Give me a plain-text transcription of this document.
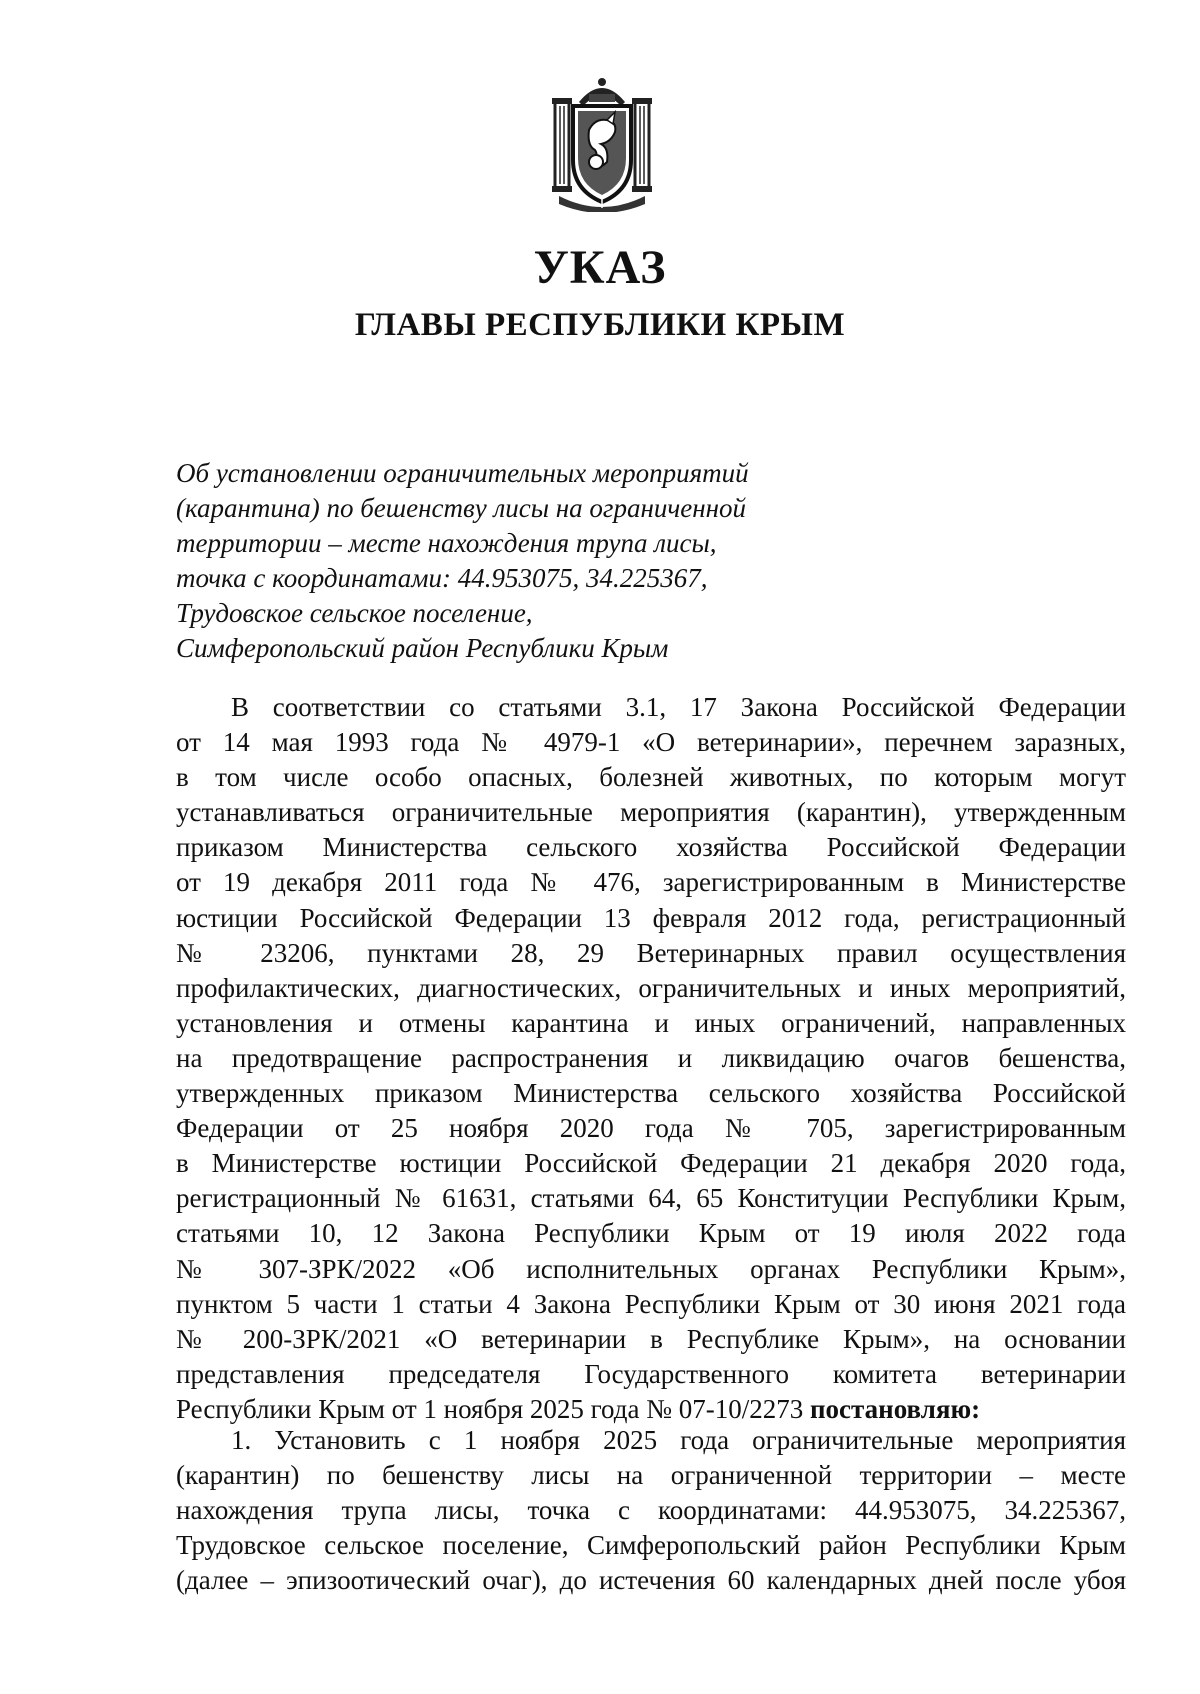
УКАЗ
ГЛАВЫ РЕСПУБЛИКИ КРЫМ
Об установлении ограничительных мероприятий
(карантина) по бешенству лисы на ограниченной
территории – месте нахождения трупа лисы,
точка с координатами: 44.953075, 34.225367,
Трудовское сельское поселение,
Симферопольский район Республики Крым
В соответствии со статьями 3.1, 17 Закона Российской Федерации
от 14 мая 1993 года № 4979-1 «О ветеринарии», перечнем заразных,
в том числе особо опасных, болезней животных, по которым могут
устанавливаться ограничительные мероприятия (карантин), утвержденным
приказом Министерства сельского хозяйства Российской Федерации
от 19 декабря 2011 года № 476, зарегистрированным в Министерстве
юстиции Российской Федерации 13 февраля 2012 года, регистрационный
№ 23206, пунктами 28, 29 Ветеринарных правил осуществления
профилактических, диагностических, ограничительных и иных мероприятий,
установления и отмены карантина и иных ограничений, направленных
на предотвращение распространения и ликвидацию очагов бешенства,
утвержденных приказом Министерства сельского хозяйства Российской
Федерации от 25 ноября 2020 года № 705, зарегистрированным
в Министерстве юстиции Российской Федерации 21 декабря 2020 года,
регистрационный № 61631, статьями 64, 65 Конституции Республики Крым,
статьями 10, 12 Закона Республики Крым от 19 июля 2022 года
№ 307-ЗРК/2022 «Об исполнительных органах Республики Крым»,
пунктом 5 части 1 статьи 4 Закона Республики Крым от 30 июня 2021 года
№ 200-ЗРК/2021 «О ветеринарии в Республике Крым», на основании
представления председателя Государственного комитета ветеринарии
Республики Крым от 1 ноября 2025 года № 07-10/2273 постановляю:
1. Установить с 1 ноября 2025 года ограничительные мероприятия
(карантин) по бешенству лисы на ограниченной территории – месте
нахождения трупа лисы, точка с координатами: 44.953075, 34.225367,
Трудовское сельское поселение, Симферопольский район Республики Крым
(далее – эпизоотический очаг), до истечения 60 календарных дней после убоя
